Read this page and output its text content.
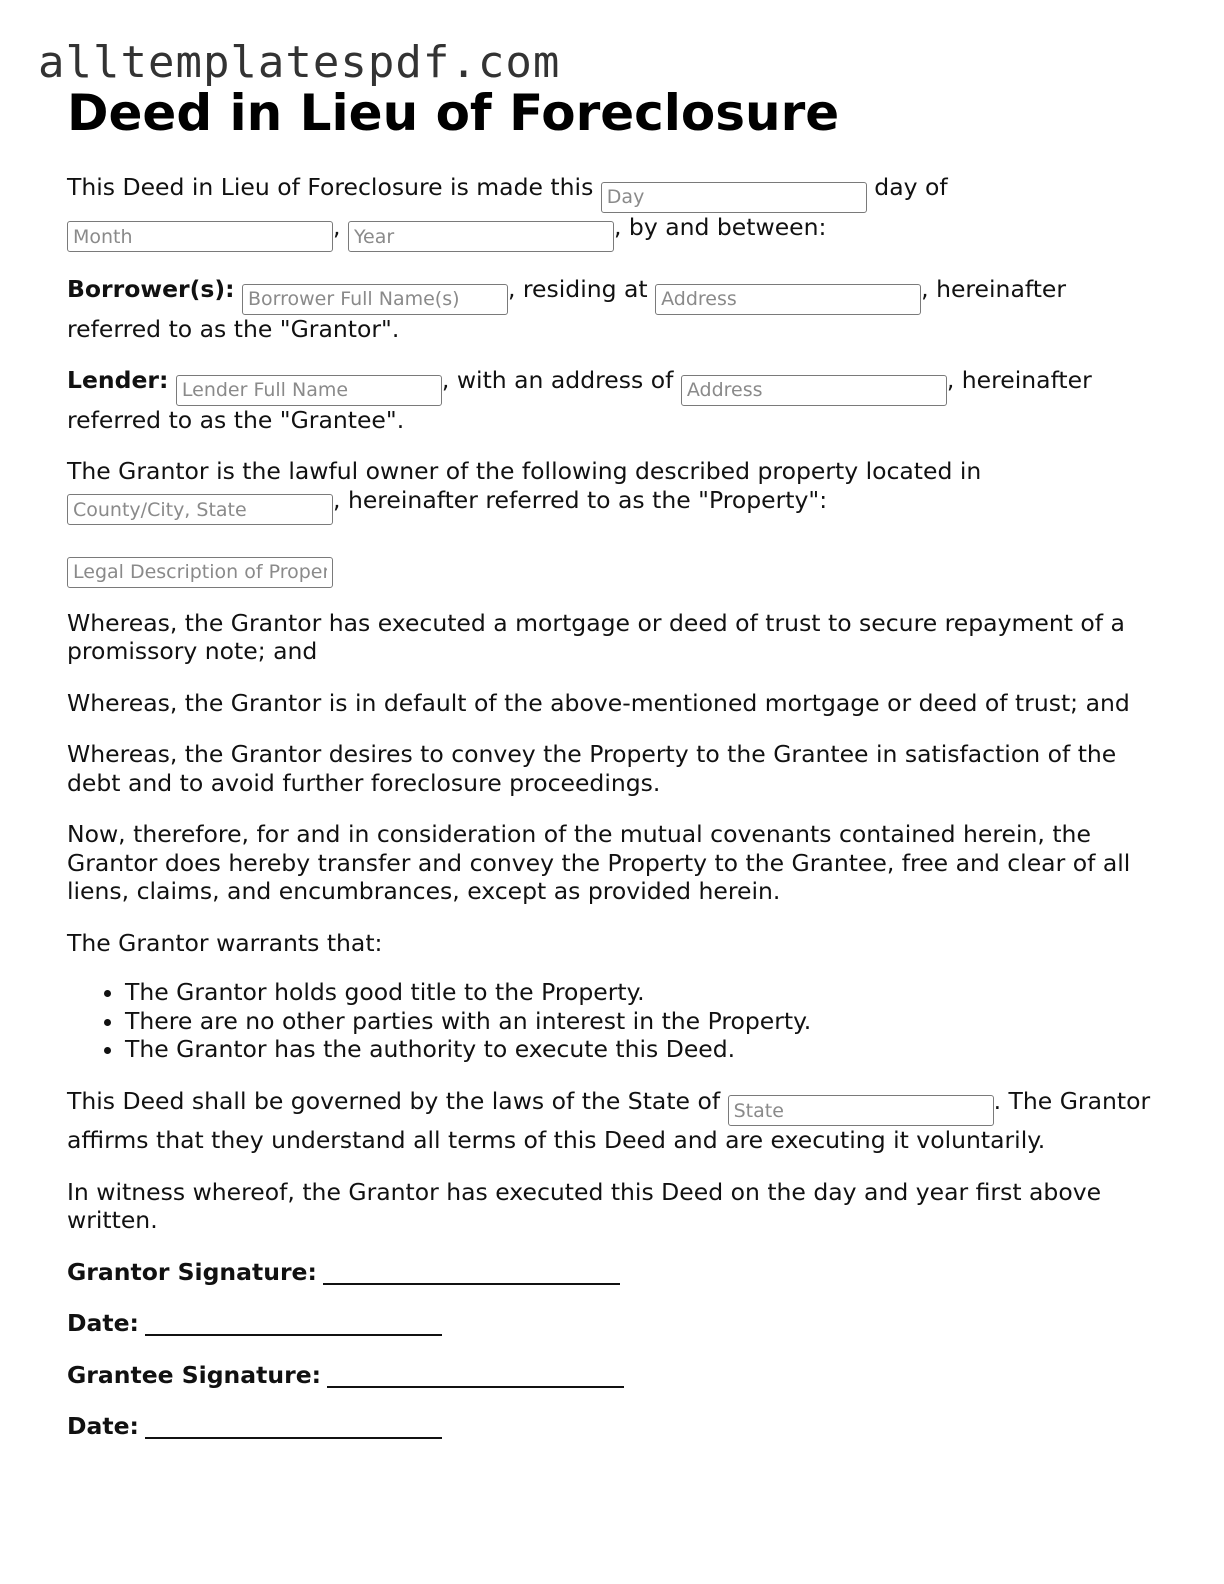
alltemplatespdf.com
Deed in Lieu of Foreclosure

This Deed in Lieu of Foreclosure is made this Day	day of
Month, Year	, by and between:

Borrower(s): Borrower Full Name(s)	, residing at Address	, hereinafter referred to as the "Grantor".

Lender: Lender Full Name	, with an address of Address	, hereinafter referred to as the "Grantee".

The Grantor is the lawful owner of the following described property located in
County/City, State, hereinafter referred to as the "Property":

Legal Description of Property

Whereas, the Grantor has executed a mortgage or deed of trust to secure repayment of a promissory note; and

Whereas, the Grantor is in default of the above-mentioned mortgage or deed of trust; and

Whereas, the Grantor desires to convey the Property to the Grantee in satisfaction of the debt and to avoid further foreclosure proceedings.

Now, therefore, for and in consideration of the mutual covenants contained herein, the Grantor does hereby transfer and convey the Property to the Grantee, free and clear of all liens, claims, and encumbrances, except as provided herein.

The Grantor warrants that:

• The Grantor holds good title to the Property.
• There are no other parties with an interest in the Property.
• The Grantor has the authority to execute this Deed.

This Deed shall be governed by the laws of the State of State	. The Grantor affirms that they understand all terms of this Deed and are executing it voluntarily.

In witness whereof, the Grantor has executed this Deed on the day and year first above written.

Grantor Signature:

Date:

Grantee Signature:

Date:
